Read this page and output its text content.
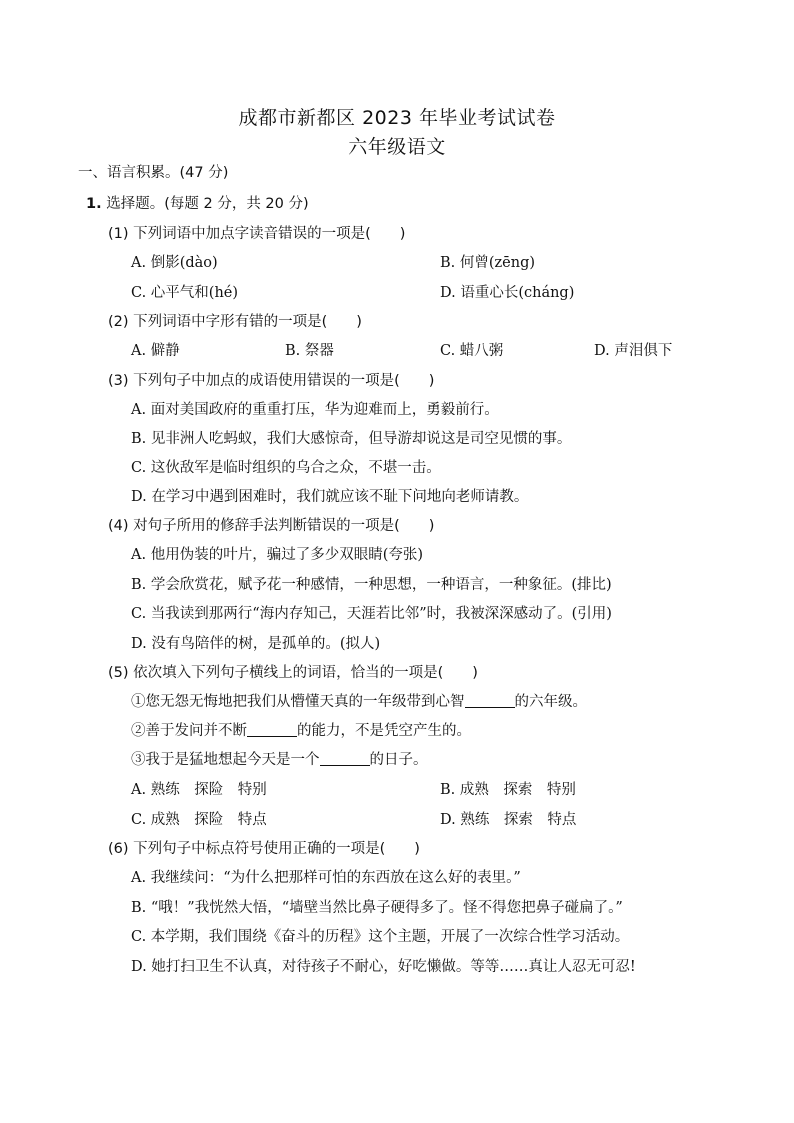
成都市新都区 2023 年毕业考试试卷
六年级语文
一、语言积累。(47 分)
1. 选择题。(每题 2 分，共 20 分)
(1) 下列词语中加点字读音错误的一项是(　　)
A. 倒影(dào)	B. 何曾(zēng)
C. 心平气和(hé)	D. 语重心长(cháng)
(2) 下列词语中字形有错的一项是(　　)
A. 僻静	B. 祭器	C. 蜡八粥	D. 声泪俱下
(3) 下列句子中加点的成语使用错误的一项是(　　)
A. 面对美国政府的重重打压，华为迎难而上，勇毅前行。
B. 见非洲人吃蚂蚁，我们大感惊奇，但导游却说这是司空见惯的事。
C. 这伙敌军是临时组织的乌合之众，不堪一击。
D. 在学习中遇到困难时，我们就应该不耻下问地向老师请教。
(4) 对句子所用的修辞手法判断错误的一项是(　　)
A. 他用伪装的叶片，骗过了多少双眼睛(夸张)
B. 学会欣赏花，赋予花一种感情，一种思想，一种语言，一种象征。(排比)
C. 当我读到那两行“海内存知己，天涯若比邻”时，我被深深感动了。(引用)
D. 没有鸟陪伴的树，是孤单的。(拟人)
(5) 依次填入下列句子横线上的词语，恰当的一项是(　　)
①您无怨无悔地把我们从懵懂天真的一年级带到心智	的六年级。
②善于发问并不断	的能力，不是凭空产生的。
③我于是猛地想起今天是一个	的日子。
A. 熟练　探险　特别	B. 成熟　探索　特别
C. 成熟　探险　特点	D. 熟练　探索　特点
(6) 下列句子中标点符号使用正确的一项是(　　)
A. 我继续问：“为什么把那样可怕的东西放在这么好的表里。”
B. “哦！”我恍然大悟，“墙壁当然比鼻子硬得多了。怪不得您把鼻子碰扁了。”
C. 本学期，我们围绕《奋斗的历程》这个主题，开展了一次综合性学习活动。
D. 她打扫卫生不认真，对待孩子不耐心，好吃懒做。等等……真让人忍无可忍!
